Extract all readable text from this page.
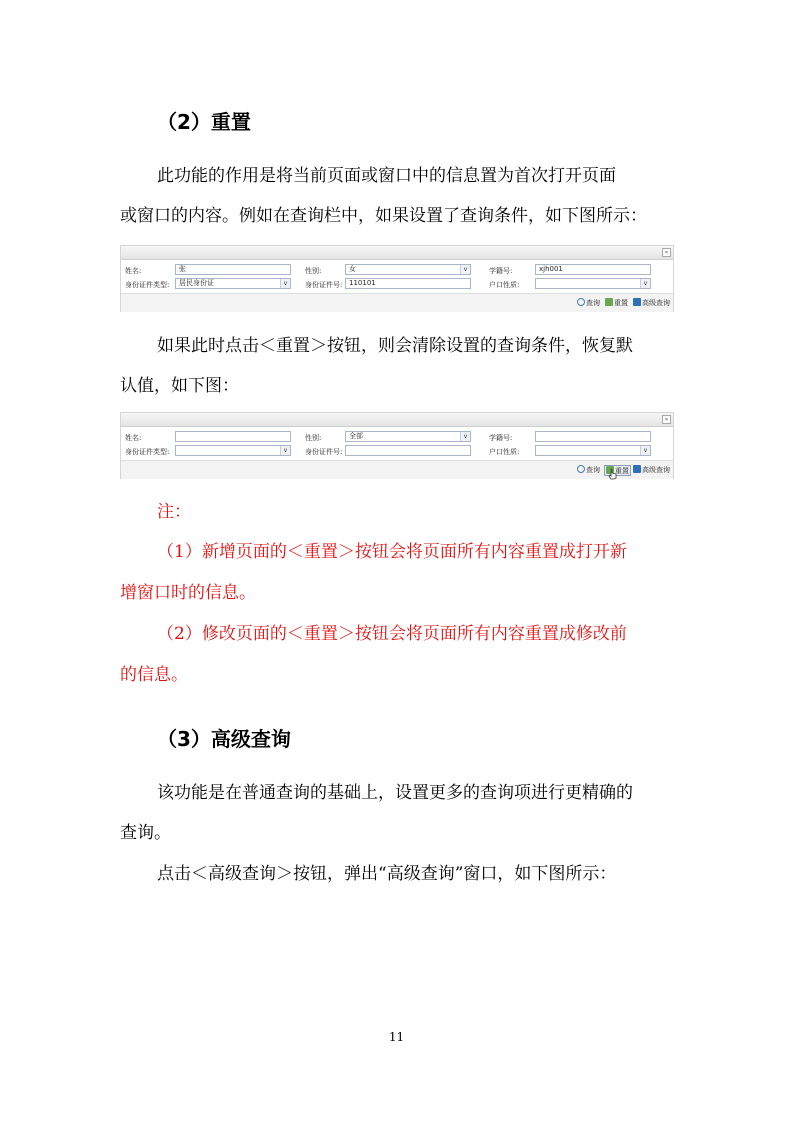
（2）重置
此功能的作用是将当前页面或窗口中的信息置为首次打开页面
或窗口的内容。例如在查询栏中，如果设置了查询条件，如下图所示：
«
姓名:	张	性别:	女	v	学籍号:	xjh001
身份证件类型:	居民身份证	v	身份证件号: 110101	户口性质:	v
查询	重置	高级查询
如果此时点击＜重置＞按钮，则会清除设置的查询条件，恢复默
认值，如下图：
«
姓名:	性别:	全部	v	学籍号:
身份证件类型:	v	身份证件号:	户口性质:	v
查询	重置	高级查询
注：
（1）新增页面的＜重置＞按钮会将页面所有内容重置成打开新
增窗口时的信息。
（2）修改页面的＜重置＞按钮会将页面所有内容重置成修改前
的信息。
（3）高级查询
该功能是在普通查询的基础上，设置更多的查询项进行更精确的
查询。
点击＜高级查询＞按钮，弹出“高级查询”窗口，如下图所示：
11
